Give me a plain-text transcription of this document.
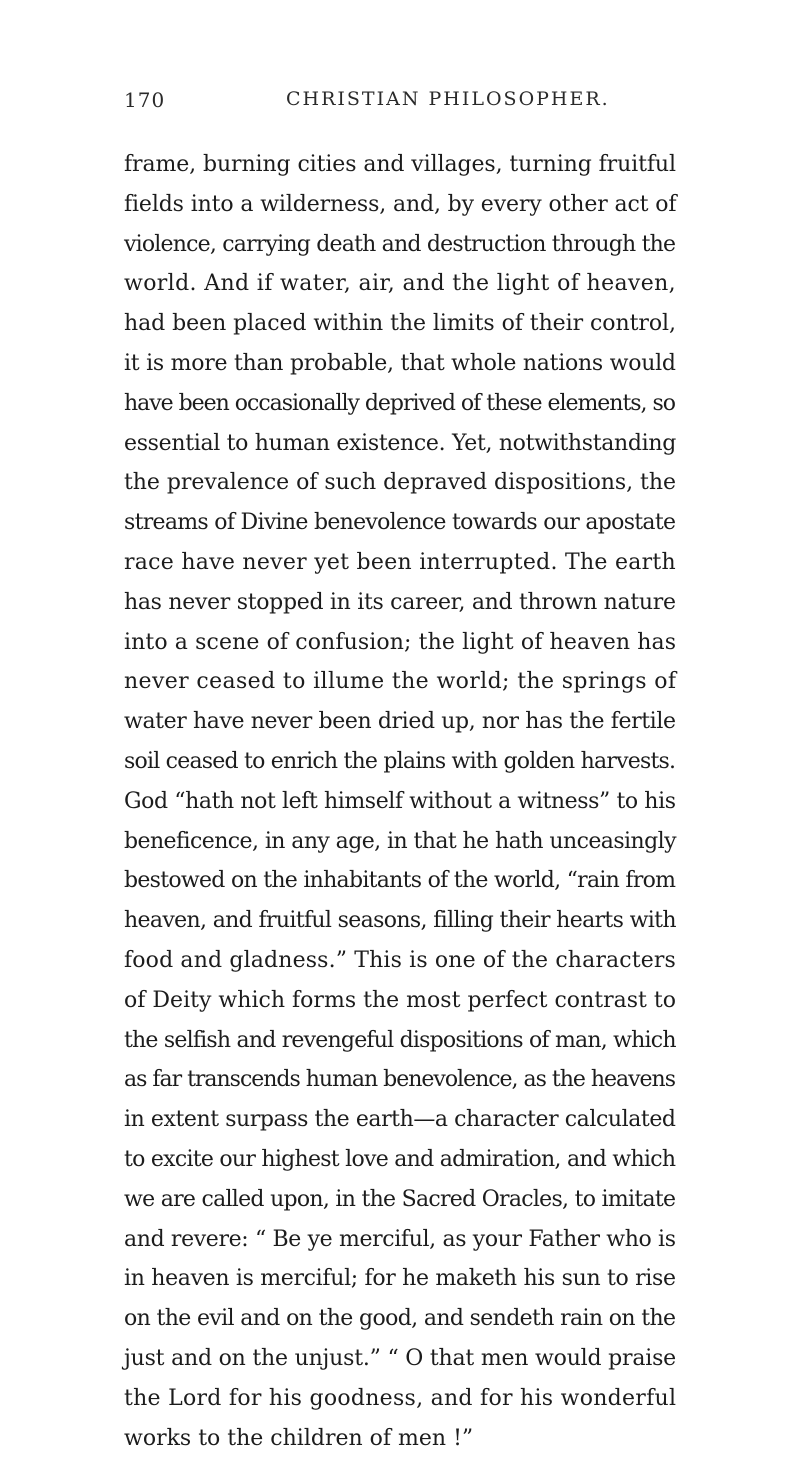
170	CHRISTIAN PHILOSOPHER.
frame, burning cities and villages, turning fruitful
fields into a wilderness, and, by every other act of
violence, carrying death and destruction through the
world. And if water, air, and the light of heaven,
had been placed within the limits of their control,
it is more than probable, that whole nations would
have been occasionally deprived of these elements, so
essential to human existence. Yet, notwithstanding
the prevalence of such depraved dispositions, the
streams of Divine benevolence towards our apostate
race have never yet been interrupted. The earth
has never stopped in its career, and thrown nature
into a scene of confusion; the light of heaven has
never ceased to illume the world; the springs of
water have never been dried up, nor has the fertile
soil ceased to enrich the plains with golden harvests.
God “hath not left himself without a witness” to his
beneficence, in any age, in that he hath unceasingly
bestowed on the inhabitants of the world, “rain from
heaven, and fruitful seasons, filling their hearts with
food and gladness.” This is one of the characters
of Deity which forms the most perfect contrast to
the selfish and revengeful dispositions of man, which
as far transcends human benevolence, as the heavens
in extent surpass the earth—a character calculated
to excite our highest love and admiration, and which
we are called upon, in the Sacred Oracles, to imitate
and revere: “ Be ye merciful, as your Father who is
in heaven is merciful; for he maketh his sun to rise
on the evil and on the good, and sendeth rain on the
just and on the unjust.” “ O that men would praise
the Lord for his goodness, and for his wonderful
works to the children of men !”
